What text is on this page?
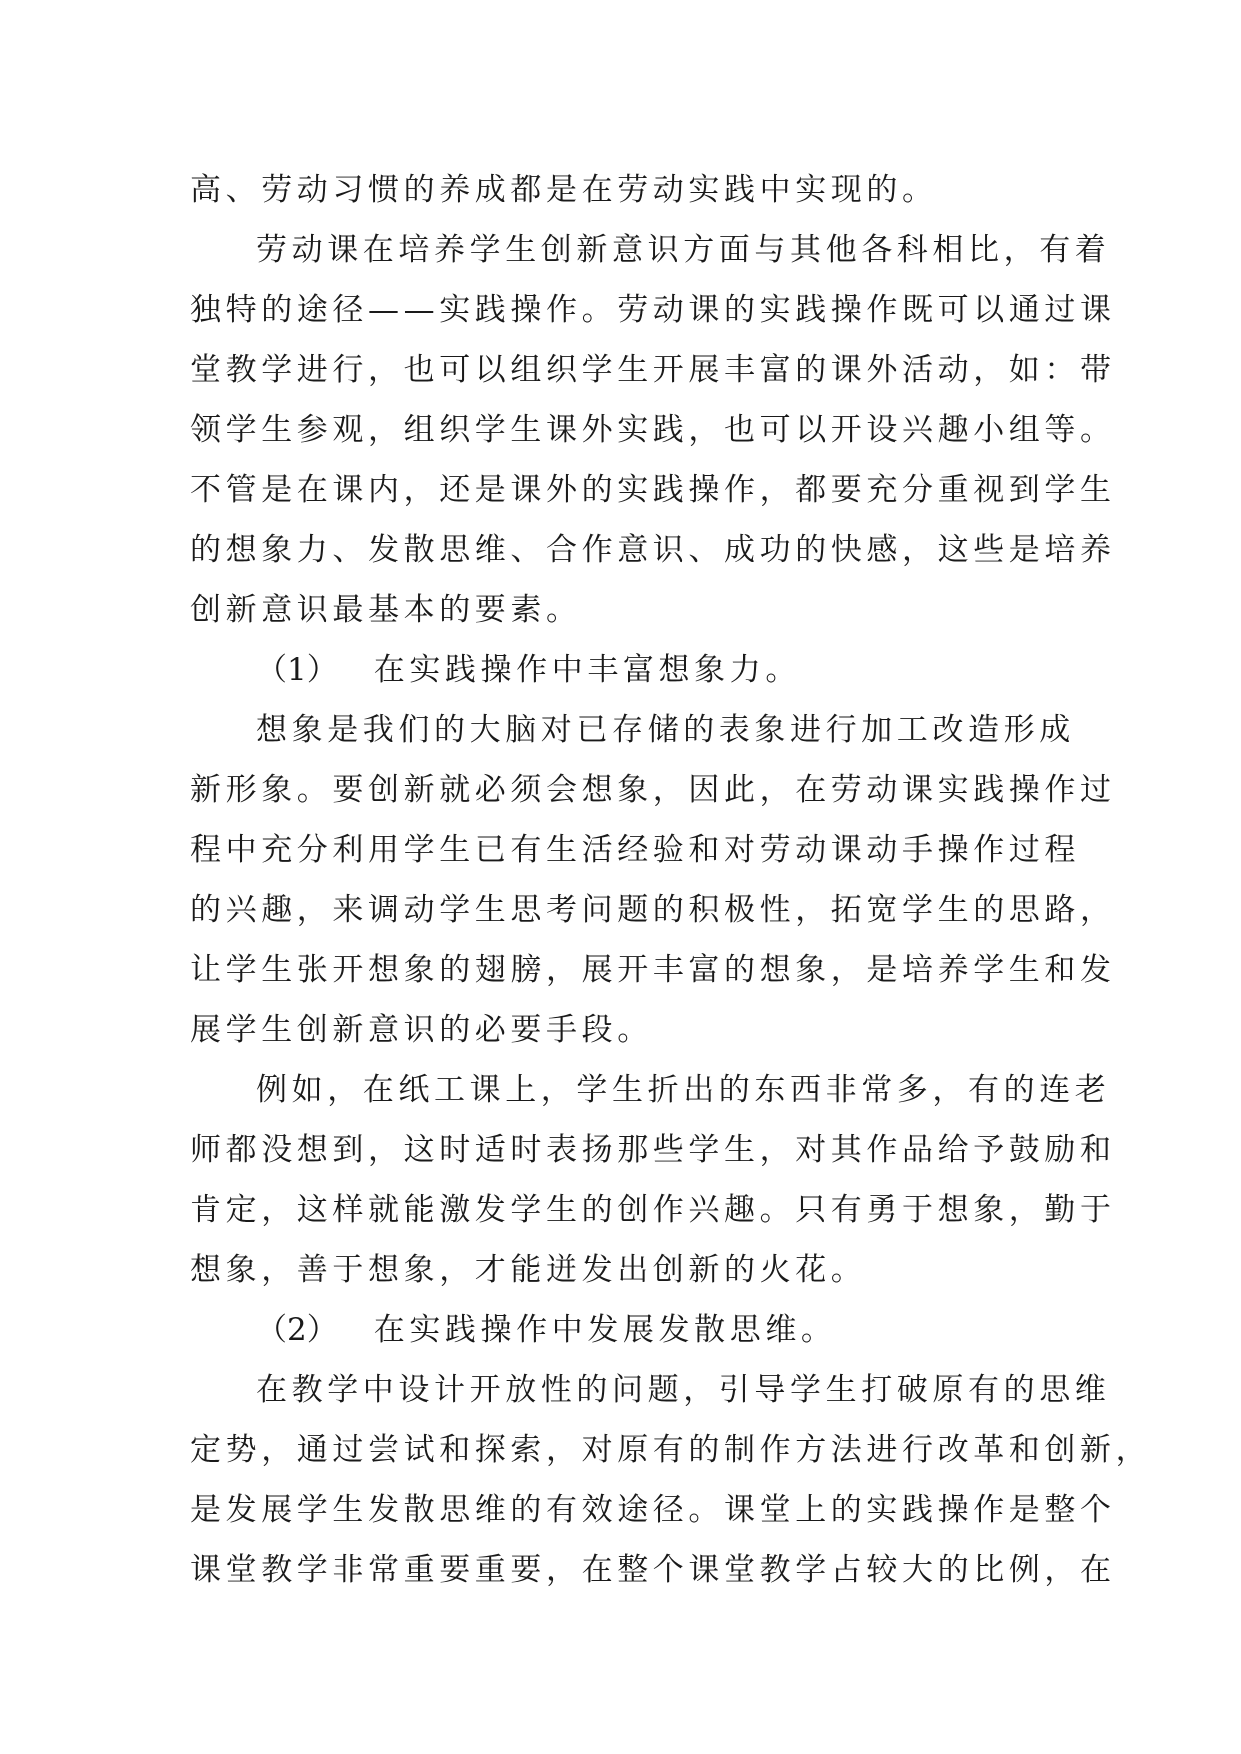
高、劳动习惯的养成都是在劳动实践中实现的。
劳动课在培养学生创新意识方面与其他各科相比，有着
独特的途径——实践操作。劳动课的实践操作既可以通过课
堂教学进行，也可以组织学生开展丰富的课外活动，如：带
领学生参观，组织学生课外实践，也可以开设兴趣小组等。
不管是在课内，还是课外的实践操作，都要充分重视到学生
的想象力、发散思维、合作意识、成功的快感，这些是培养
创新意识最基本的要素。
（1） 在实践操作中丰富想象力。
想象是我们的大脑对已存储的表象进行加工改造形成
新形象。要创新就必须会想象，因此，在劳动课实践操作过
程中充分利用学生已有生活经验和对劳动课动手操作过程
的兴趣，来调动学生思考问题的积极性，拓宽学生的思路，
让学生张开想象的翅膀，展开丰富的想象，是培养学生和发
展学生创新意识的必要手段。
例如，在纸工课上，学生折出的东西非常多，有的连老
师都没想到，这时适时表扬那些学生，对其作品给予鼓励和
肯定，这样就能激发学生的创作兴趣。只有勇于想象，勤于
想象，善于想象，才能迸发出创新的火花。
（2） 在实践操作中发展发散思维。
在教学中设计开放性的问题，引导学生打破原有的思维
定势，通过尝试和探索，对原有的制作方法进行改革和创新，
是发展学生发散思维的有效途径。课堂上的实践操作是整个
课堂教学非常重要重要，在整个课堂教学占较大的比例，在
